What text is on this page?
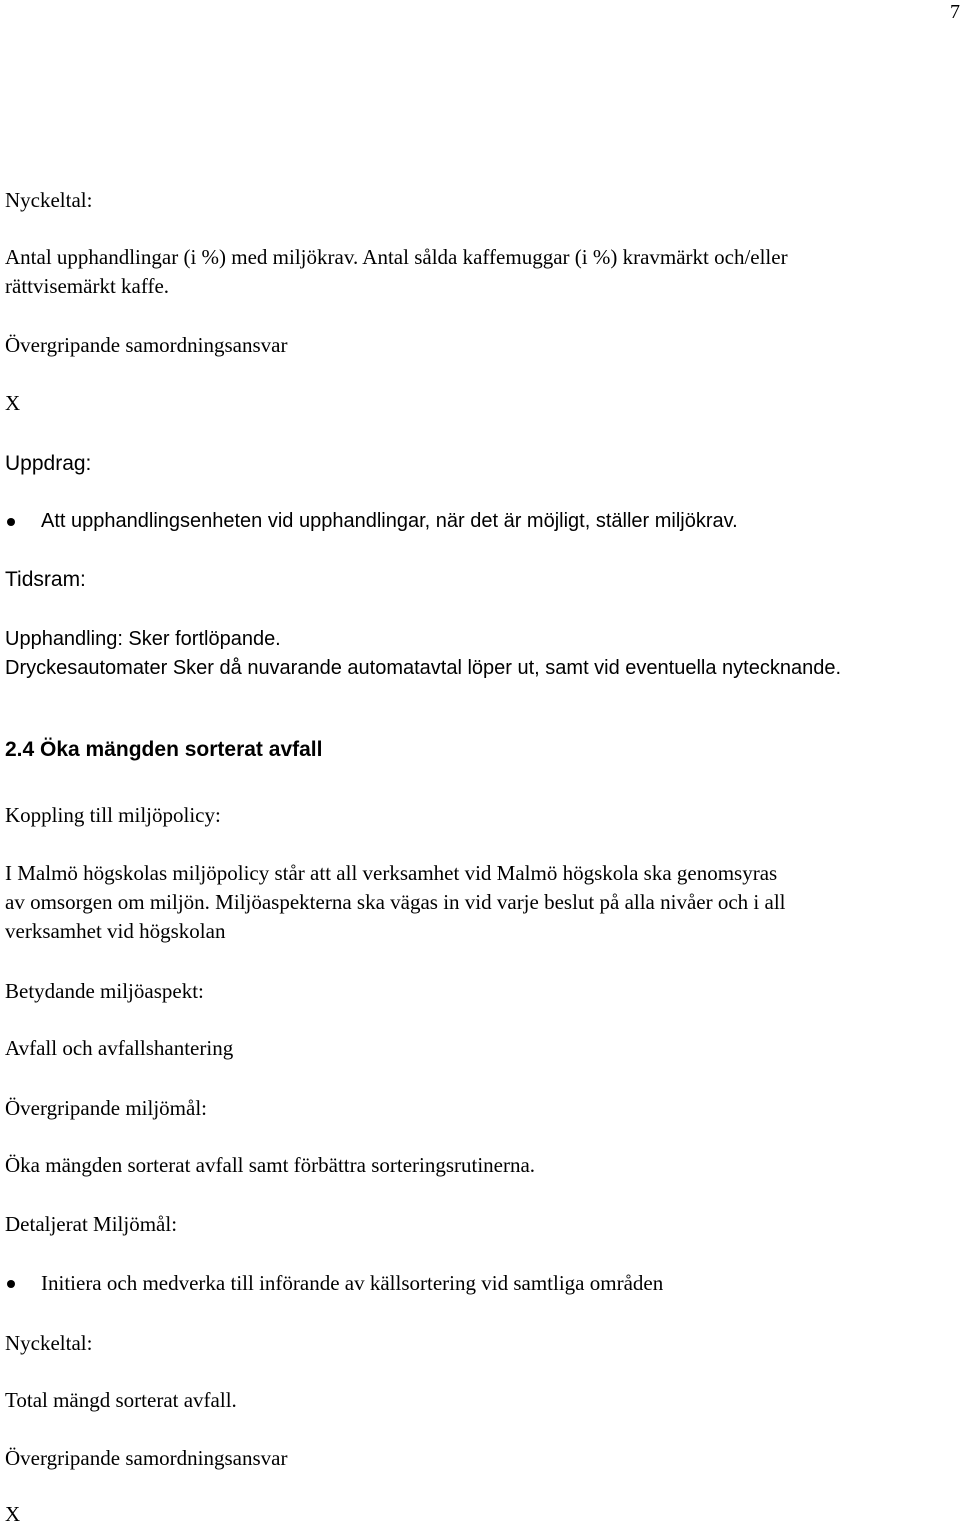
7
Nyckeltal:
Antal upphandlingar (i %) med miljökrav. Antal sålda kaffemuggar (i %) kravmärkt och/eller
rättvisemärkt kaffe.
Övergripande samordningsansvar
X
Uppdrag:
Att upphandlingsenheten vid upphandlingar, när det är möjligt, ställer miljökrav.
Tidsram:
Upphandling: Sker fortlöpande.
Dryckesautomater Sker då nuvarande automatavtal löper ut, samt vid eventuella nytecknande.
2.4 Öka mängden sorterat avfall
Koppling till miljöpolicy:
I Malmö högskolas miljöpolicy står att all verksamhet vid Malmö högskola ska genomsyras
av omsorgen om miljön. Miljöaspekterna ska vägas in vid varje beslut på alla nivåer och i all
verksamhet vid högskolan
Betydande miljöaspekt:
Avfall och avfallshantering
Övergripande miljömål:
Öka mängden sorterat avfall samt förbättra sorteringsrutinerna.
Detaljerat Miljömål:
Initiera och medverka till införande av källsortering vid samtliga områden
Nyckeltal:
Total mängd sorterat avfall.
Övergripande samordningsansvar
X
